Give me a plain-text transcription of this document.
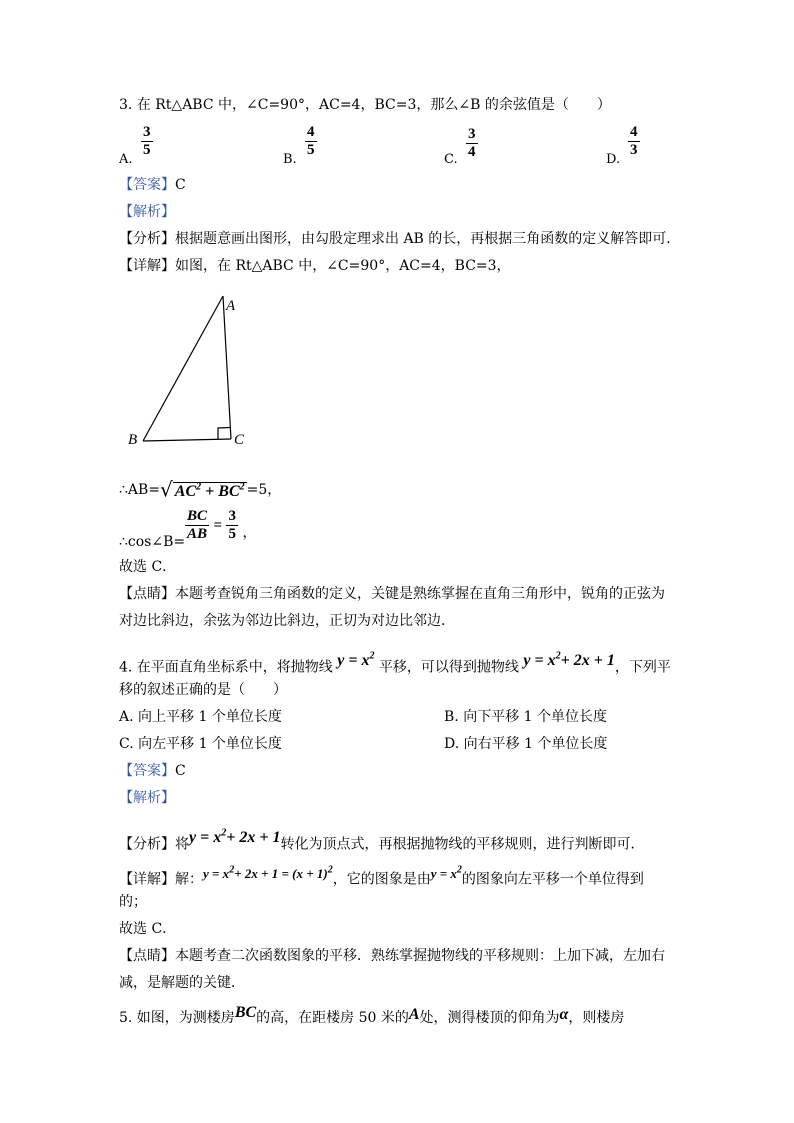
3. 在 Rt△ABC 中，∠C=90°，AC=4，BC=3，那么∠B 的余弦值是（　　）
A.
$\frac{3}{5}$
B.
$\frac{4}{5}$
C. $\frac{3}{4}$	D.
$\frac{4}{3}$
【答案】C
【解析】
【分析】根据题意画出图形，由勾股定理求出 AB 的长，再根据三角函数的定义解答即可．
【详解】如图，在 Rt△ABC 中，∠C=90°，AC=4，BC=3，
A
B	C
∴AB=√ $AC^2 + BC^2 =5$，
∴cos∠B= $\frac{BC}{AB} = \frac{3}{5}$ ，
故选 C．
【点睛】本题考查锐角三角函数的定义，关键是熟练掌握在直角三角形中，锐角的正弦为
对边比斜边，余弦为邻边比斜边，正切为对边比邻边．
4. 在平面直角坐标系中，将抛物线 $y = x^2$ 平移，可以得到抛物线 $y = x^2+ 2x + 1$，下列平
移的叙述正确的是（　　）
A. 向上平移 1 个单位长度	B. 向下平移 1 个单位长度
C. 向左平移 1 个单位长度	D. 向右平移 1 个单位长度
【答案】C
【解析】
【分析】将$y = x^2+ 2x + 1$转化为顶点式，再根据抛物线的平移规则，进行判断即可．
【详解】解：$y = x^2+ 2x + 1 = (x + 1)^2$，它的图象是由$y = x^2$的图象向左平移一个单位得到
的；
故选 C．
【点睛】本题考查二次函数图象的平移．熟练掌握抛物线的平移规则：上加下减，左加右
减，是解题的关键．
5. 如图，为测楼房BC的高，在距楼房 50 米的A处，测得楼顶的仰角为α，则楼房
